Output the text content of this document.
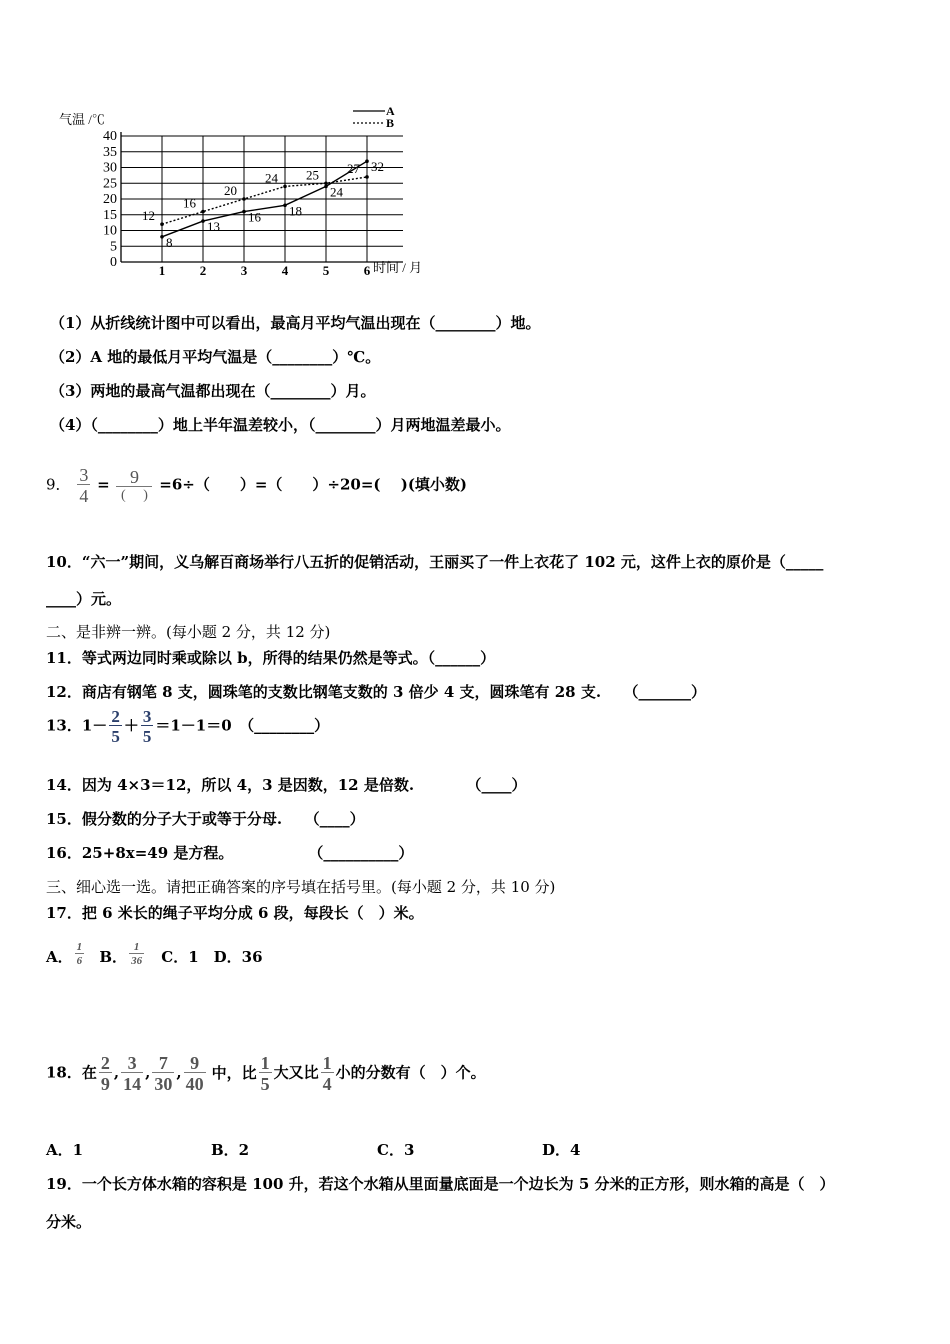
0
5
10
15
20
25
30
35
40
1	2	3	4	5	6
8
13
16 18
24
32
12
16
20
24 25 27
气温 /℃
时间 / 月
A
B
（1）从折线统计图中可以看出，最高月平均气温出现在（________）地。
（2）A 地的最低月平均气温是（________）℃。
（3）两地的最高气温都出现在（________）月。
（4）（________）地上半年温差较小，（________）月两地温差最小。
9． $\frac{3}{4} = \frac{9}{( )} =6\div$（　　）=（　　）÷20=(　 )(填小数)
10．“六一”期间，义乌解百商场举行八五折的促销活动，王丽买了一件上衣花了 102 元，这件上衣的原价是（_____
____）元。
二、是非辨一辨。(每小题 2 分，共 12 分)
11．等式两边同时乘或除以 b，所得的结果仍然是等式。（______）
12．商店有钢笔 8 支，圆珠笔的支数比钢笔支数的 3 倍少 4 支，圆珠笔有 28 支.　　（_______）
13．$1- \frac{2}{5} + \frac{3}{5} =1-1=0$　（________）
14．因为 4×3＝12，所以 4，3 是因数，12 是倍数.　　　　（____）
15．假分数的分子大于或等于分母.　　（____）
16．25+8x=49 是方程。　　　　　　（__________）
三、细心选一选。请把正确答案的序号填在括号里。(每小题 2 分，共 10 分)
17．把 6 米长的绳子平均分成 6 段，每段长（　）米。
A． $\frac{1}{6}$ B． $\frac{1}{36}$ C．1　D．36
18．在 $\frac{2}{9}$ , $\frac{3}{14}$ , $\frac{7}{30}$ , $\frac{9}{40}$ 中，比 $\frac{1}{5}$ 大又比 $\frac{1}{4}$ 小的分数有（　）个。
A．1	B．2	C．3	D．4
19．一个长方体水箱的容积是 100 升，若这个水箱从里面量底面是一个边长为 5 分米的正方形，则水箱的高是（　）
分米。
